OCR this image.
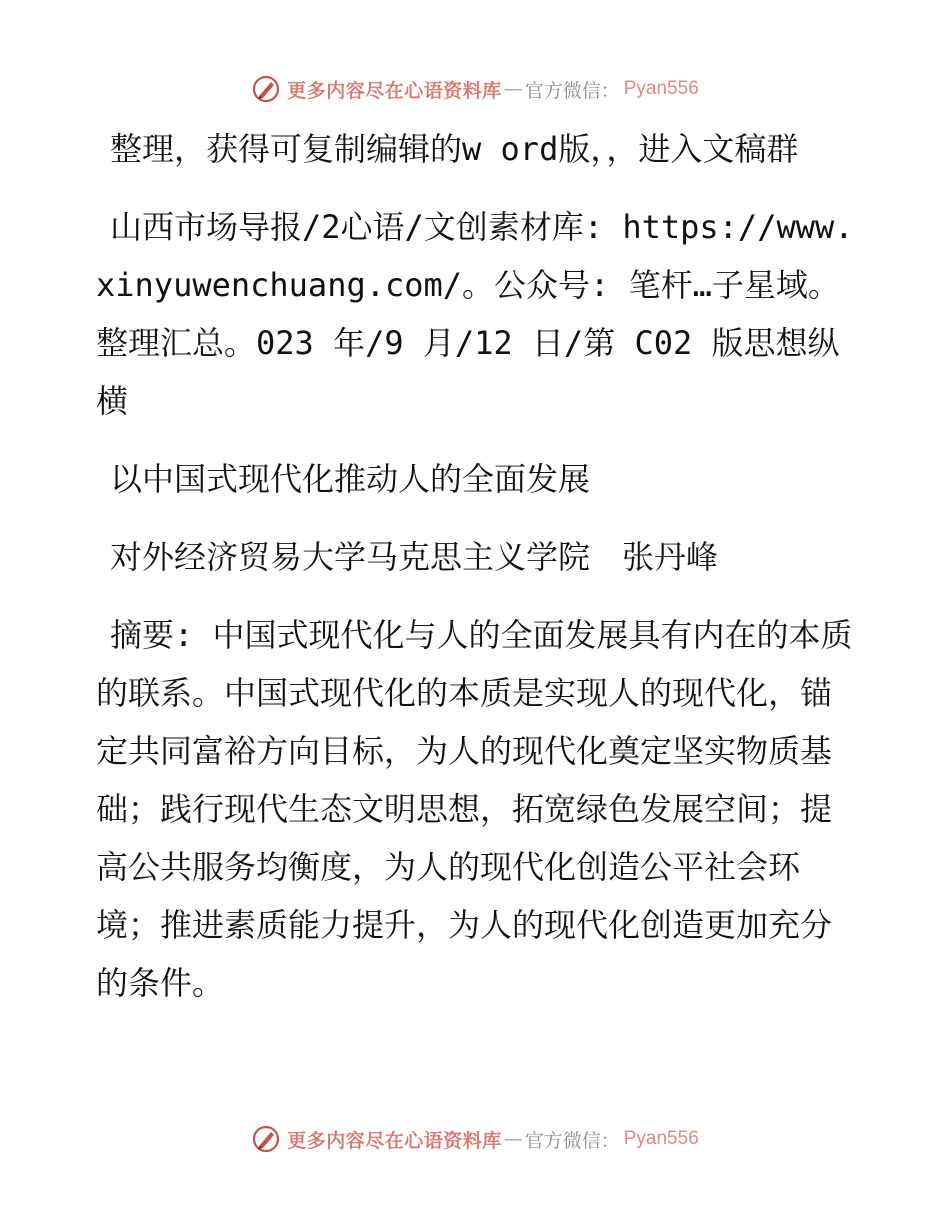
更多内容尽在心语资料库 — 官方微信： Pyan556

整理，获得可复制编辑的w ord版，，进入文稿群

山西市场导报/2心语/文创素材库: https://www.xinyuwenchuang.com/。公众号: 笔杆…子星域。整理汇总。023 年/9 月/12 日/第 C02 版思想纵横

以中国式现代化推动人的全面发展

对外经济贸易大学马克思主义学院　张丹峰

摘要: 中国式现代化与人的全面发展具有内在的本质的联系。中国式现代化的本质是实现人的现代化，锚定共同富裕方向目标，为人的现代化奠定坚实物质基础；践行现代生态文明思想，拓宽绿色发展空间；提高公共服务均衡度，为人的现代化创造公平社会环境；推进素质能力提升，为人的现代化创造更加充分的条件。

更多内容尽在心语资料库 — 官方微信： Pyan556
